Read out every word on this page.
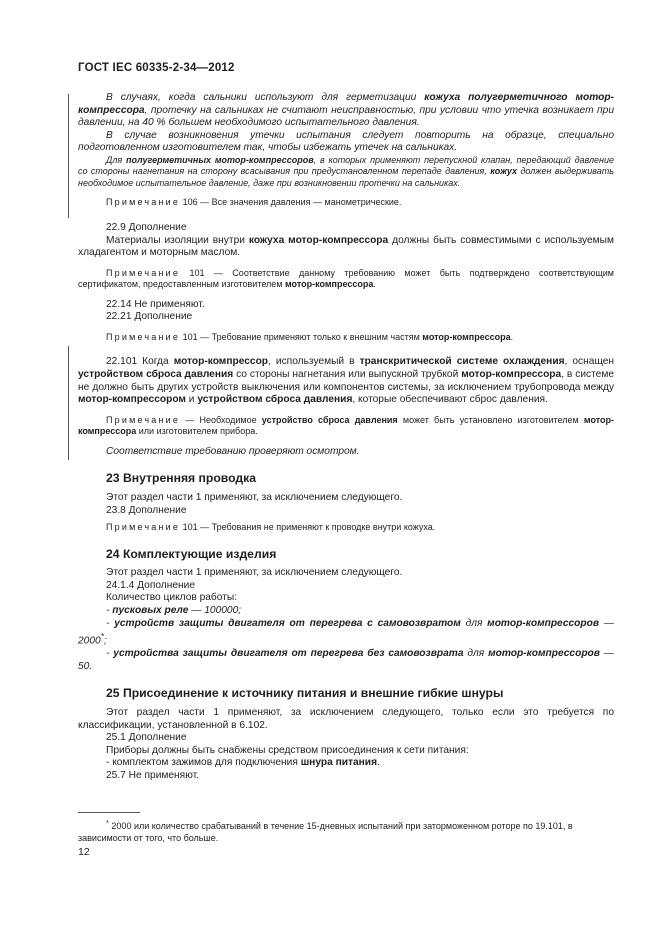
ГОСТ IEC 60335-2-34—2012

В случаях, когда сальники используют для герметизации кожуха полугерметичного мотор-компрессора, протечку на сальниках не считают неисправностью, при условии что утечка возникает при давлении, на 40 % большем необходимого испытательного давления.

В случае возникновения утечки испытания следует повторить на образце, специально подготовленном изготовителем так, чтобы избежать утечек на сальниках.

Для полугерметичных мотор-компрессоров, в которых применяют перепускной клапан, передающий давление со стороны нагнетания на сторону всасывания при предустановленном перепаде давления, кожух должен выдерживать необходимое испытательное давление, даже при возникновении протечки на сальниках.

Примечание 106 — Все значения давления — манометрические.

22.9 Дополнение

Материалы изоляции внутри кожуха мотор-компрессора должны быть совместимыми с используемым хладагентом и моторным маслом.

Примечание 101 — Соответствие данному требованию может быть подтверждено соответствующим сертификатом, предоставленным изготовителем мотор-компрессора.

22.14 Не применяют.

22.21 Дополнение

Примечание 101 — Требование применяют только к внешним частям мотор-компрессора.

22.101 Когда мотор-компрессор, используемый в транскритической системе охлаждения, оснащен устройством сброса давления со стороны нагнетания или выпускной трубкой мотор-компрессора, в системе не должно быть других устройств выключения или компонентов системы, за исключением трубопровода между мотор-компрессором и устройством сброса давления, которые обеспечивают сброс давления.

Примечание — Необходимое устройство сброса давления может быть установлено изготовителем мотор-компрессора или изготовителем прибора.

Соответствие требованию проверяют осмотром.

23 Внутренняя проводка

Этот раздел части 1 применяют, за исключением следующего.

23.8 Дополнение

Примечание 101 — Требования не применяют к проводке внутри кожуха.

24 Комплектующие изделия

Этот раздел части 1 применяют, за исключением следующего.

24.1.4 Дополнение

Количество циклов работы:

- пусковых реле — 100000;

- устройств защиты двигателя от перегрева с самовозвратом для мотор-компрессоров — 2000*;

- устройства защиты двигателя от перегрева без самовозврата для мотор-компрессоров — 50.

25 Присоединение к источнику питания и внешние гибкие шнуры

Этот раздел части 1 применяют, за исключением следующего, только если это требуется по классификации, установленной в 6.102.

25.1 Дополнение

Приборы должны быть снабжены средством присоединения к сети питания:

- комплектом зажимов для подключения шнура питания.

25.7 Не применяют.

* 2000 или количество срабатываний в течение 15-дневных испытаний при заторможенном роторе по 19.101, в зависимости от того, что больше.

12
